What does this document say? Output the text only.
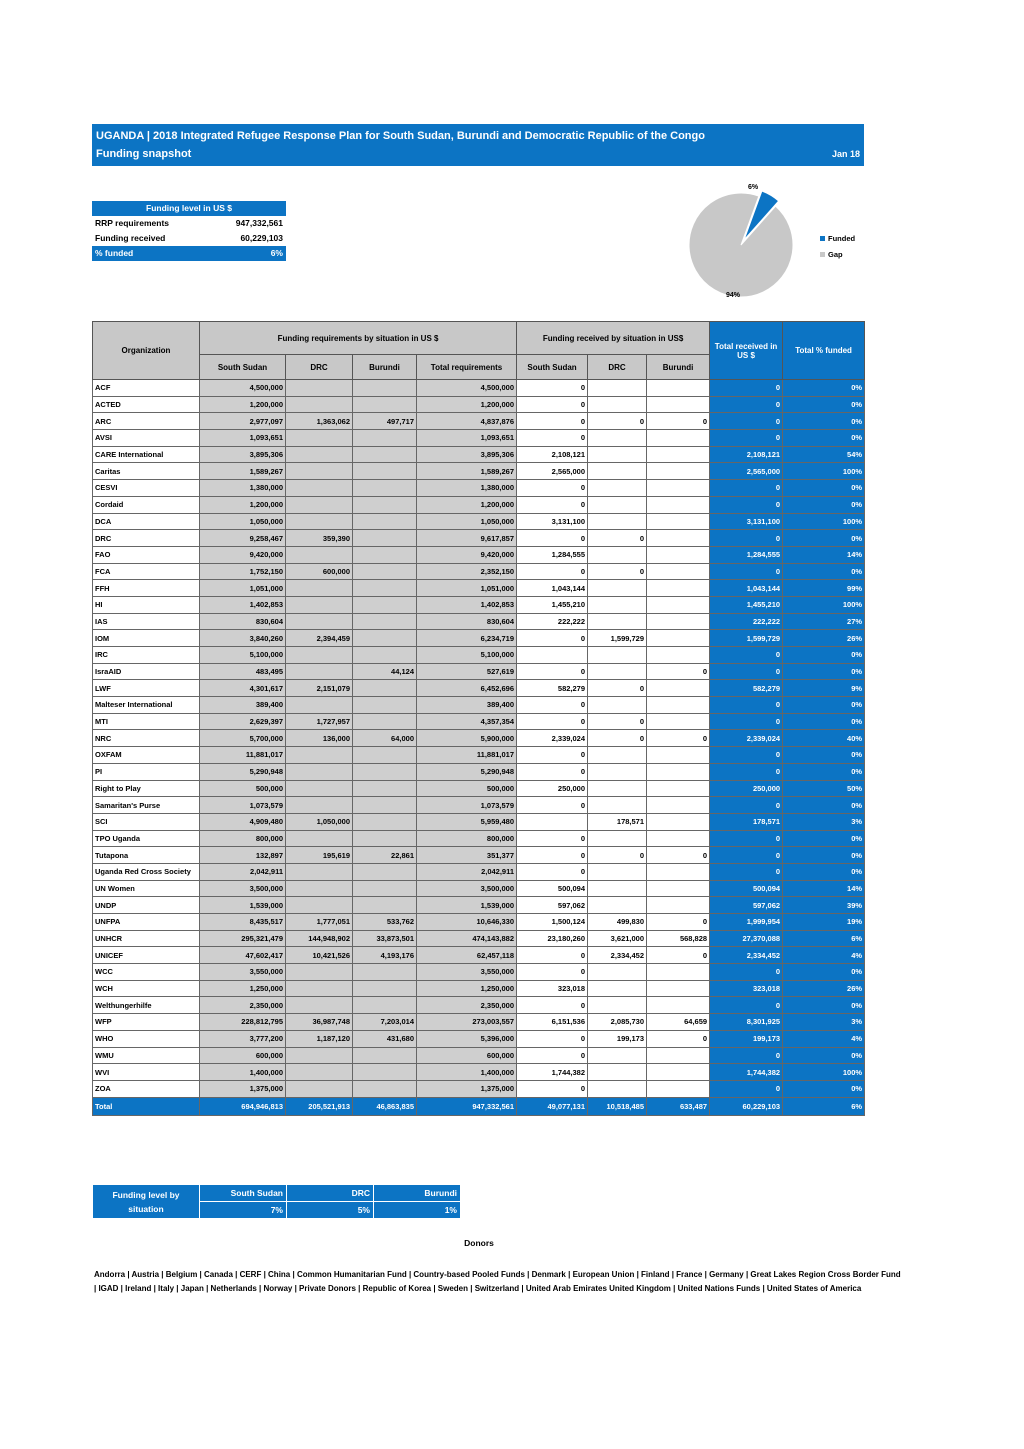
UGANDA | 2018 Integrated Refugee Response Plan for South Sudan, Burundi and Democratic Republic of the Congo
Funding snapshot	Jan 18
Funding level in US $	
RRP requirements	947,332,561
Funding received	60,229,103
% funded	6%
6%
94%
Funded
Gap
Organization	Funding requirements by situation in US $				Funding received by situation in US$			Total received in US $	Total % funded
	South Sudan	DRC	Burundi	Total requirements	South Sudan	DRC	Burundi		
ACF	4,500,000			4,500,000	0			0	0%
ACTED	1,200,000			1,200,000	0			0	0%
ARC	2,977,097	1,363,062	497,717	4,837,876	0	0	0	0	0%
AVSI	1,093,651			1,093,651	0			0	0%
CARE International	3,895,306			3,895,306	2,108,121			2,108,121	54%
Caritas	1,589,267			1,589,267	2,565,000			2,565,000	100%
CESVI	1,380,000			1,380,000	0			0	0%
Cordaid	1,200,000			1,200,000	0			0	0%
DCA	1,050,000			1,050,000	3,131,100			3,131,100	100%
DRC	9,258,467	359,390		9,617,857	0	0		0	0%
FAO	9,420,000			9,420,000	1,284,555			1,284,555	14%
FCA	1,752,150	600,000		2,352,150	0	0		0	0%
FFH	1,051,000			1,051,000	1,043,144			1,043,144	99%
HI	1,402,853			1,402,853	1,455,210			1,455,210	100%
IAS	830,604			830,604	222,222			222,222	27%
IOM	3,840,260	2,394,459		6,234,719	0	1,599,729		1,599,729	26%
IRC	5,100,000			5,100,000				0	0%
IsraAID	483,495		44,124	527,619	0		0	0	0%
LWF	4,301,617	2,151,079		6,452,696	582,279	0		582,279	9%
Malteser International	389,400			389,400	0			0	0%
MTI	2,629,397	1,727,957		4,357,354	0	0		0	0%
NRC	5,700,000	136,000	64,000	5,900,000	2,339,024	0	0	2,339,024	40%
OXFAM	11,881,017			11,881,017	0			0	0%
PI	5,290,948			5,290,948	0			0	0%
Right to Play	500,000			500,000	250,000			250,000	50%
Samaritan's Purse	1,073,579			1,073,579	0			0	0%
SCI	4,909,480	1,050,000		5,959,480		178,571		178,571	3%
TPO Uganda	800,000			800,000	0			0	0%
Tutapona	132,897	195,619	22,861	351,377	0	0	0	0	0%
Uganda Red Cross Society	2,042,911			2,042,911	0			0	0%
UN Women	3,500,000			3,500,000	500,094			500,094	14%
UNDP	1,539,000			1,539,000	597,062			597,062	39%
UNFPA	8,435,517	1,777,051	533,762	10,646,330	1,500,124	499,830	0	1,999,954	19%
UNHCR	295,321,479	144,948,902	33,873,501	474,143,882	23,180,260	3,621,000	568,828	27,370,088	6%
UNICEF	47,602,417	10,421,526	4,193,176	62,457,118	0	2,334,452	0	2,334,452	4%
WCC	3,550,000			3,550,000	0			0	0%
WCH	1,250,000			1,250,000	323,018			323,018	26%
Welthungerhilfe	2,350,000			2,350,000	0			0	0%
WFP	228,812,795	36,987,748	7,203,014	273,003,557	6,151,536	2,085,730	64,659	8,301,925	3%
WHO	3,777,200	1,187,120	431,680	5,396,000	0	199,173	0	199,173	4%
WMU	600,000			600,000	0			0	0%
WVI	1,400,000			1,400,000	1,744,382			1,744,382	100%
ZOA	1,375,000			1,375,000	0			0	0%
Total	694,946,813	205,521,913	46,863,835	947,332,561	49,077,131	10,518,485	633,487	60,229,103	6%
Funding level by situation	South Sudan	DRC	Burundi
	7%	5%	1%
Donors
Andorra | Austria | Belgium | Canada | CERF | China | Common Humanitarian Fund | Country-based Pooled Funds | Denmark | European Union | Finland | France | Germany | Great Lakes Region Cross Border Fund | IGAD | Ireland | Italy | Japan | Netherlands | Norway | Private Donors | Republic of Korea | Sweden | Switzerland | United Arab Emirates United Kingdom | United Nations Funds | United States of America
